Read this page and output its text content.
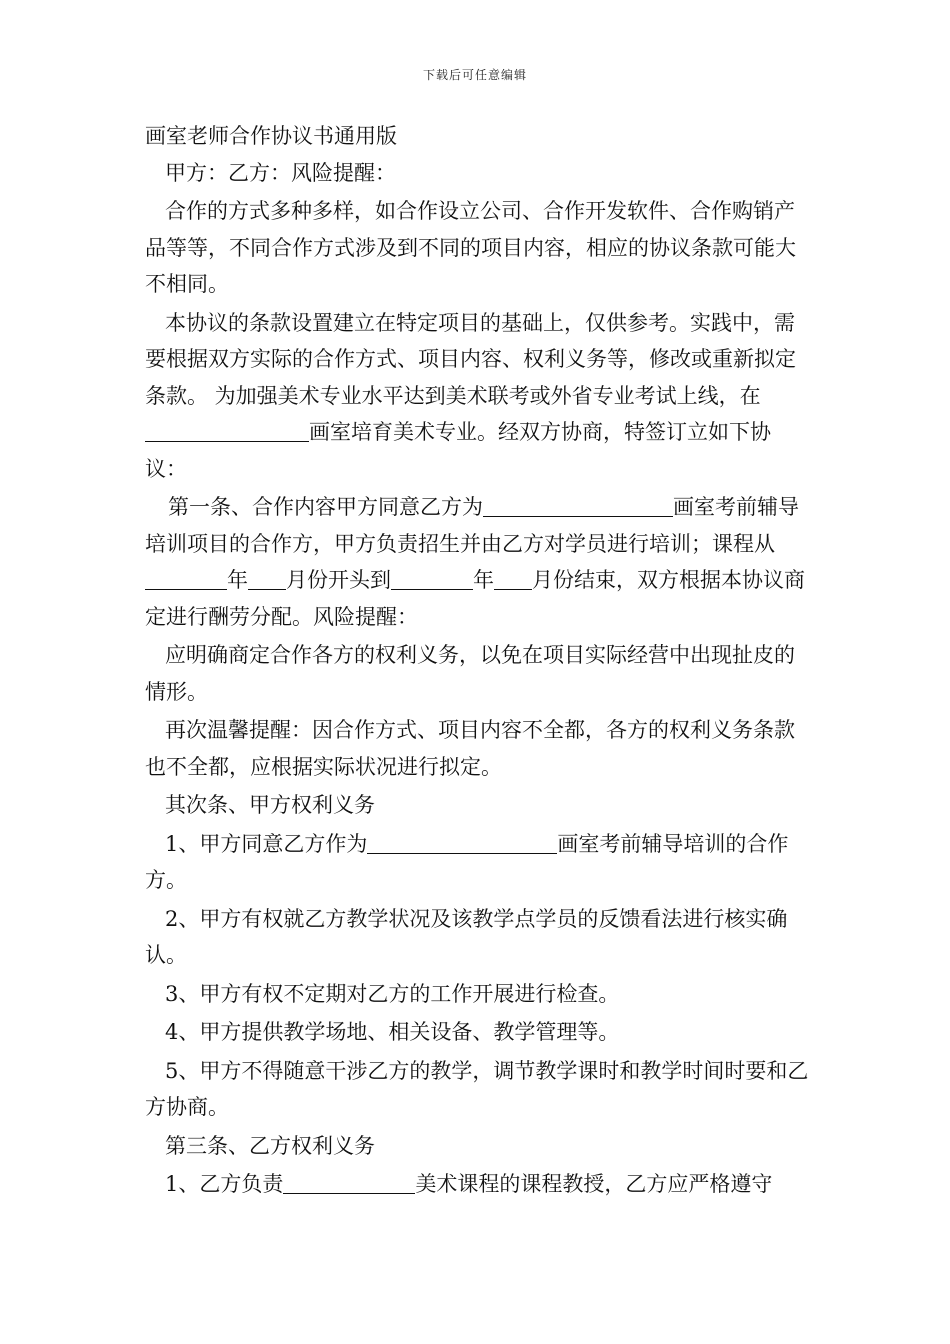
下载后可任意编辑

画室老师合作协议书通用版

甲方：乙方：风险提醒：

合作的方式多种多样，如合作设立公司、合作开发软件、合作购销产品等等，不同合作方式涉及到不同的项目内容，相应的协议条款可能大不相同。

本协议的条款设置建立在特定项目的基础上，仅供参考。实践中，需要根据双方实际的合作方式、项目内容、权利义务等，修改或重新拟定条款。 为加强美术专业水平达到美术联考或外省专业考试上线，在画室培育美术专业。经双方协商，特签订立如下协议：

第一条、合作内容甲方同意乙方为	画室考前辅导培训项目的合作方，甲方负责招生并由乙方对学员进行培训；课程从年 月份开头到	年 月份结束，双方根据本协议商定进行酬劳分配。风险提醒：

应明确商定合作各方的权利义务，以免在项目实际经营中出现扯皮的情形。

再次温馨提醒：因合作方式、项目内容不全都，各方的权利义务条款也不全都，应根据实际状况进行拟定。

其次条、甲方权利义务

1、甲方同意乙方作为	画室考前辅导培训的合作方。

2、甲方有权就乙方教学状况及该教学点学员的反馈看法进行核实确认。

3、甲方有权不定期对乙方的工作开展进行检查。

4、甲方提供教学场地、相关设备、教学管理等。

5、甲方不得随意干涉乙方的教学，调节教学课时和教学时间时要和乙方协商。

第三条、乙方权利义务

1、乙方负责	美术课程的课程教授，乙方应严格遵守
